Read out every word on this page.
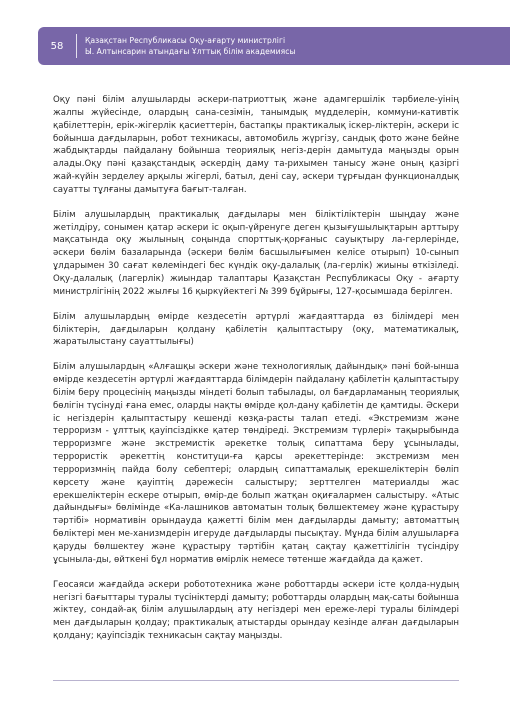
58	Қазақстан Республикасы Оқу-ағарту министрлігі
Ы. Алтынсарин атындағы Ұлттық білім академиясы

Оқу пәні білім алушыларды әскери-патриоттық және адамгершілік тәрбиеле-уінің жалпы жүйесінде, олардың сана-сезімін, танымдық мүдделерін, коммуни-кативтік қабілеттерін, ерік-жігерлік қасиеттерін, бастапқы практикалық іскер-ліктерін, әскери іс бойынша дағдыларын, робот техникасы, автомобиль жүргізу, сандық фото және бейне жабдықтарды пайдалану бойынша теориялық негіз-дерін дамытуда маңызды орын алады.Оқу пәні қазақстандық әскердің даму та-рихымен танысу және оның қазіргі жай-күйін зерделеу арқылы жігерлі, батыл, дені сау, әскери тұрғыдан функционалдық сауатты тұлғаны дамытуға бағыт-талған.

Білім алушылардың практикалық дағдылары мен біліктіліктерін шыңдау және жетілдіру, сонымен қатар әскери іс оқып-үйренуге деген қызығушылықтарын арттыру мақсатында оқу жылының соңында спорттық-қорғаныс сауықтыру ла-герлерінде, әскери бөлім базаларында (әскери бөлім басшылығымен келісе отырып) 10-сынып ұлдарымен 30 сағат көлеміндегі бес күндік оқу-далалық (ла-герлік) жиыны өткізіледі. Оқу-далалық (лагерлік) жиындар талаптары Қазақстан Республикасы Оқу - ағарту министрлігінің 2022 жылғы 16 қыркүйектегі № 399 бұйрығы, 127-қосымшада берілген.

Білім алушылардың өмірде кездесетін әртүрлі жағдаяттарда өз білімдері мен біліктерін, дағдыларын қолдану қабілетін қалыптастыру (оқу, математикалық, жаратылыстану сауаттылығы)

Білім алушылардың «Алғашқы әскери және технологиялық дайындық» пәні бой-ынша өмірде кездесетін әртүрлі жағдаяттарда білімдерін пайдалану қабілетін қалыптастыру білім беру процесінің маңызды міндеті болып табылады, ол бағдарламаның теориялық бөлігін түсінуді ғана емес, оларды нақты өмірде қол-дану қабілетін де қамтиды. Әскери іс негіздерін қалыптастыру кешенді көзқа-расты талап етеді. «Экстремизм және терроризм - ұлттық қауіпсіздікке қатер төндіреді. Экстремизм түрлері» тақырыбында терроризмге және экстремистік әрекетке толық сипаттама беру ұсынылады, террористік әрекеттің конституци-ға қарсы әрекеттерінде: экстремизм мен терроризмнің пайда болу себептері; олардың сипаттамалық ерекшеліктерін бөліп көрсету және қауіптің дәрежесін салыстыру; зерттелген материалды жас ерекшеліктерін ескере отырып, өмір-де болып жатқан оқиғалармен салыстыру. «Атыс дайындығы» бөлімінде «Ка-лашников автоматын толық бөлшектемеу және құрастыру тәртібі» нормативін орындауда қажетті білім мен дағдыларды дамыту; автоматтың бөліктері мен ме-ханизмдерін игеруде дағдыларды пысықтау. Мұнда білім алушыларға қаруды бөлшектеу және құрастыру тәртібін қатаң сақтау қажеттілігін түсіндіру ұсыныла-ды, өйткені бұл норматив өмірлік немесе төтенше жағдайда да қажет.

Геосаяси жағдайда әскери робототехника және роботтарды әскери істе қолда-нудың негізгі бағыттары туралы түсініктерді дамыту; роботтарды олардың мақ-саты бойынша жіктеу, сондай-ақ білім алушылардың ату негіздері мен ережe-лері туралы білімдері мен дағдыларын қолдау; практикалық атыстарды орындау кезінде алған дағдыларын қолдану; қауіпсіздік техникасын сақтау маңызды.
